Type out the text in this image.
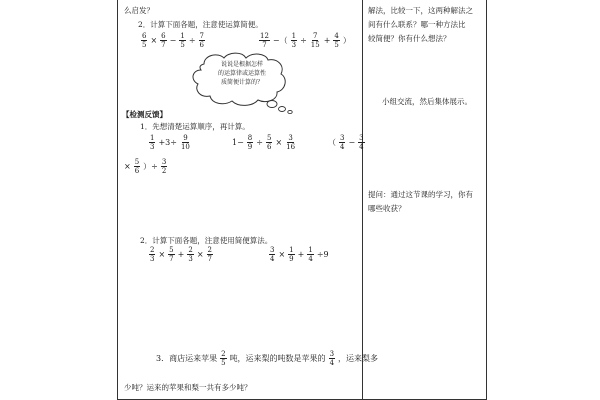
么启发？
2．计算下面各题，注意使运算简便。
$\frac{6}{5} \times \frac{6}{7} - \frac{1}{5} \div \frac{7}{6}$	$\frac{12}{7}$ −（ $\frac{1}{3} \div \frac{7}{15} + \frac{4}{5}$ ）
说说是根据怎样
的运算律或运算性
质简便计算的？
【检测反馈】
1．先想清楚运算顺序，再计算。
$\frac{1}{3} +3\div \frac{9}{10}$	$1- \frac{8}{9} \div \frac{5}{6} \times \frac{3}{16}$	（ $\frac{3}{4} - \frac{3}{4}$
× $\frac{5}{6}$ ）÷ $\frac{3}{2}$
2．计算下面各题，注意使用简便算法。
$\frac{2}{3} \times \frac{5}{7} + \frac{2}{3} \times \frac{2}{7}$	$\frac{3}{4} \times \frac{1}{9} + \frac{1}{4} \div 9$
3．商店运来苹果 $\frac{2}{5}$ 吨，运来梨的吨数是苹果的 $\frac{3}{4}$ ，运来梨多
少吨？运来的苹果和梨一共有多少吨？
解法，比较一下，这两种解法之
间有什么联系？哪一种方法比
较简便？你有什么想法？
小组交流，然后集体展示。
提问：通过这节课的学习，你有
哪些收获？
